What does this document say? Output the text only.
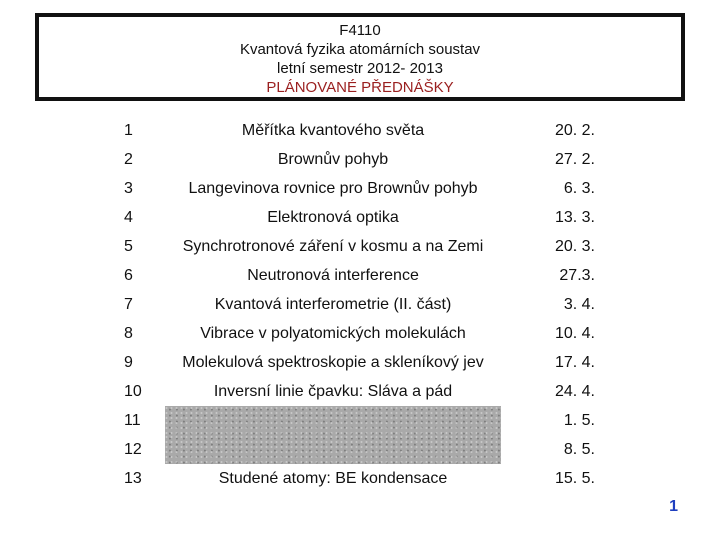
F4110
Kvantová fyzika atomárních soustav
letní semestr 2012- 2013
PLÁNOVANÉ PŘEDNÁŠKY
1	Měřítka kvantového světa	20. 2.
2	Brownův pohyb	27. 2.
3	Langevinova rovnice pro Brownův pohyb	6. 3.
4	Elektronová optika	13. 3.
5	Synchrotronové záření v kosmu a na Zemi	20. 3.
6	Neutronová interference	27.3.
7	Kvantová interferometrie (II. část)	3. 4.
8	Vibrace v polyatomických molekulách	10. 4.
9	Molekulová spektroskopie a skleníkový jev	17. 4.
10	Inversní linie čpavku: Sláva a pád	24. 4.
11		1. 5.
12		8. 5.
13	Studené atomy: BE kondensace	15. 5.
1
